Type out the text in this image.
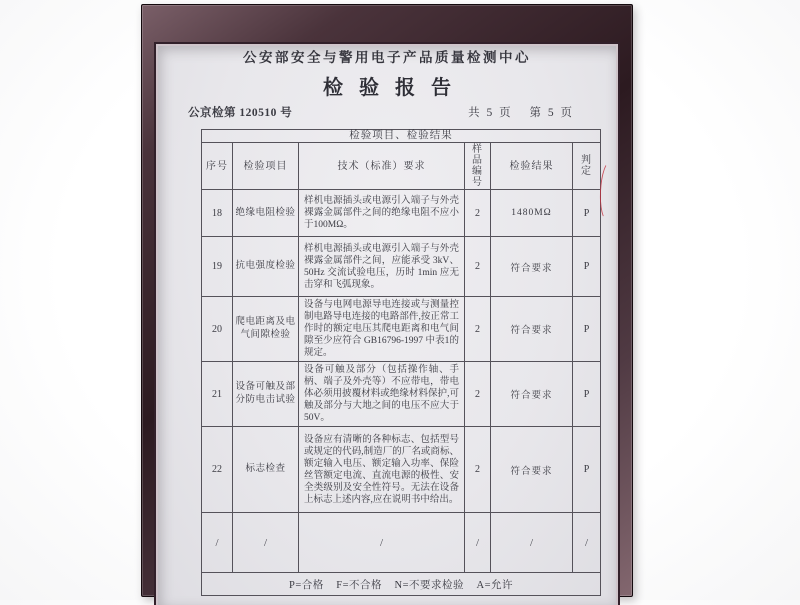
公安部安全与警用电子产品质量检测中心
检验报告
公京检第 120510 号	共 5 页 第 5 页
检验项目、检验结果					
序号	检验项目	技术（标准）要求	样品编号	检验结果	判定
18	绝缘电阻检验	样机电源插头或电源引入端子与外壳裸露金属部件之间的绝缘电阻不应小于100MΩ。	2	1480MΩ	P
19	抗电强度检验	样机电源插头或电源引入端子与外壳裸露金属部件之间，应能承受 3kV、50Hz 交流试验电压，历时 1min 应无击穿和飞弧现象。	2	符合要求	P
20	爬电距离及电气间隙检验	设备与电网电源导电连接或与测量控制电路导电连接的电路部件,按正常工作时的额定电压其爬电距离和电气间隙至少应符合 GB16796-1997 中表1的规定。	2	符合要求	P
21	设备可触及部分防电击试验	设备可触及部分（包括操作轴、手柄、端子及外壳等）不应带电，带电体必须用披覆材料或绝缘材料保护,可触及部分与大地之间的电压不应大于50V。	2	符合要求	P
22	标志检查	设备应有清晰的各种标志、包括型号或规定的代码,制造厂的厂名或商标、额定输入电压、额定输入功率、保险丝管额定电流、直流电源的极性、安全类级别及安全性符号。无法在设备上标志上述内容,应在说明书中给出。	2	符合要求	P
/	/	/	/	/	/
P=合格    F=不合格    N=不要求检验    A=允许					
